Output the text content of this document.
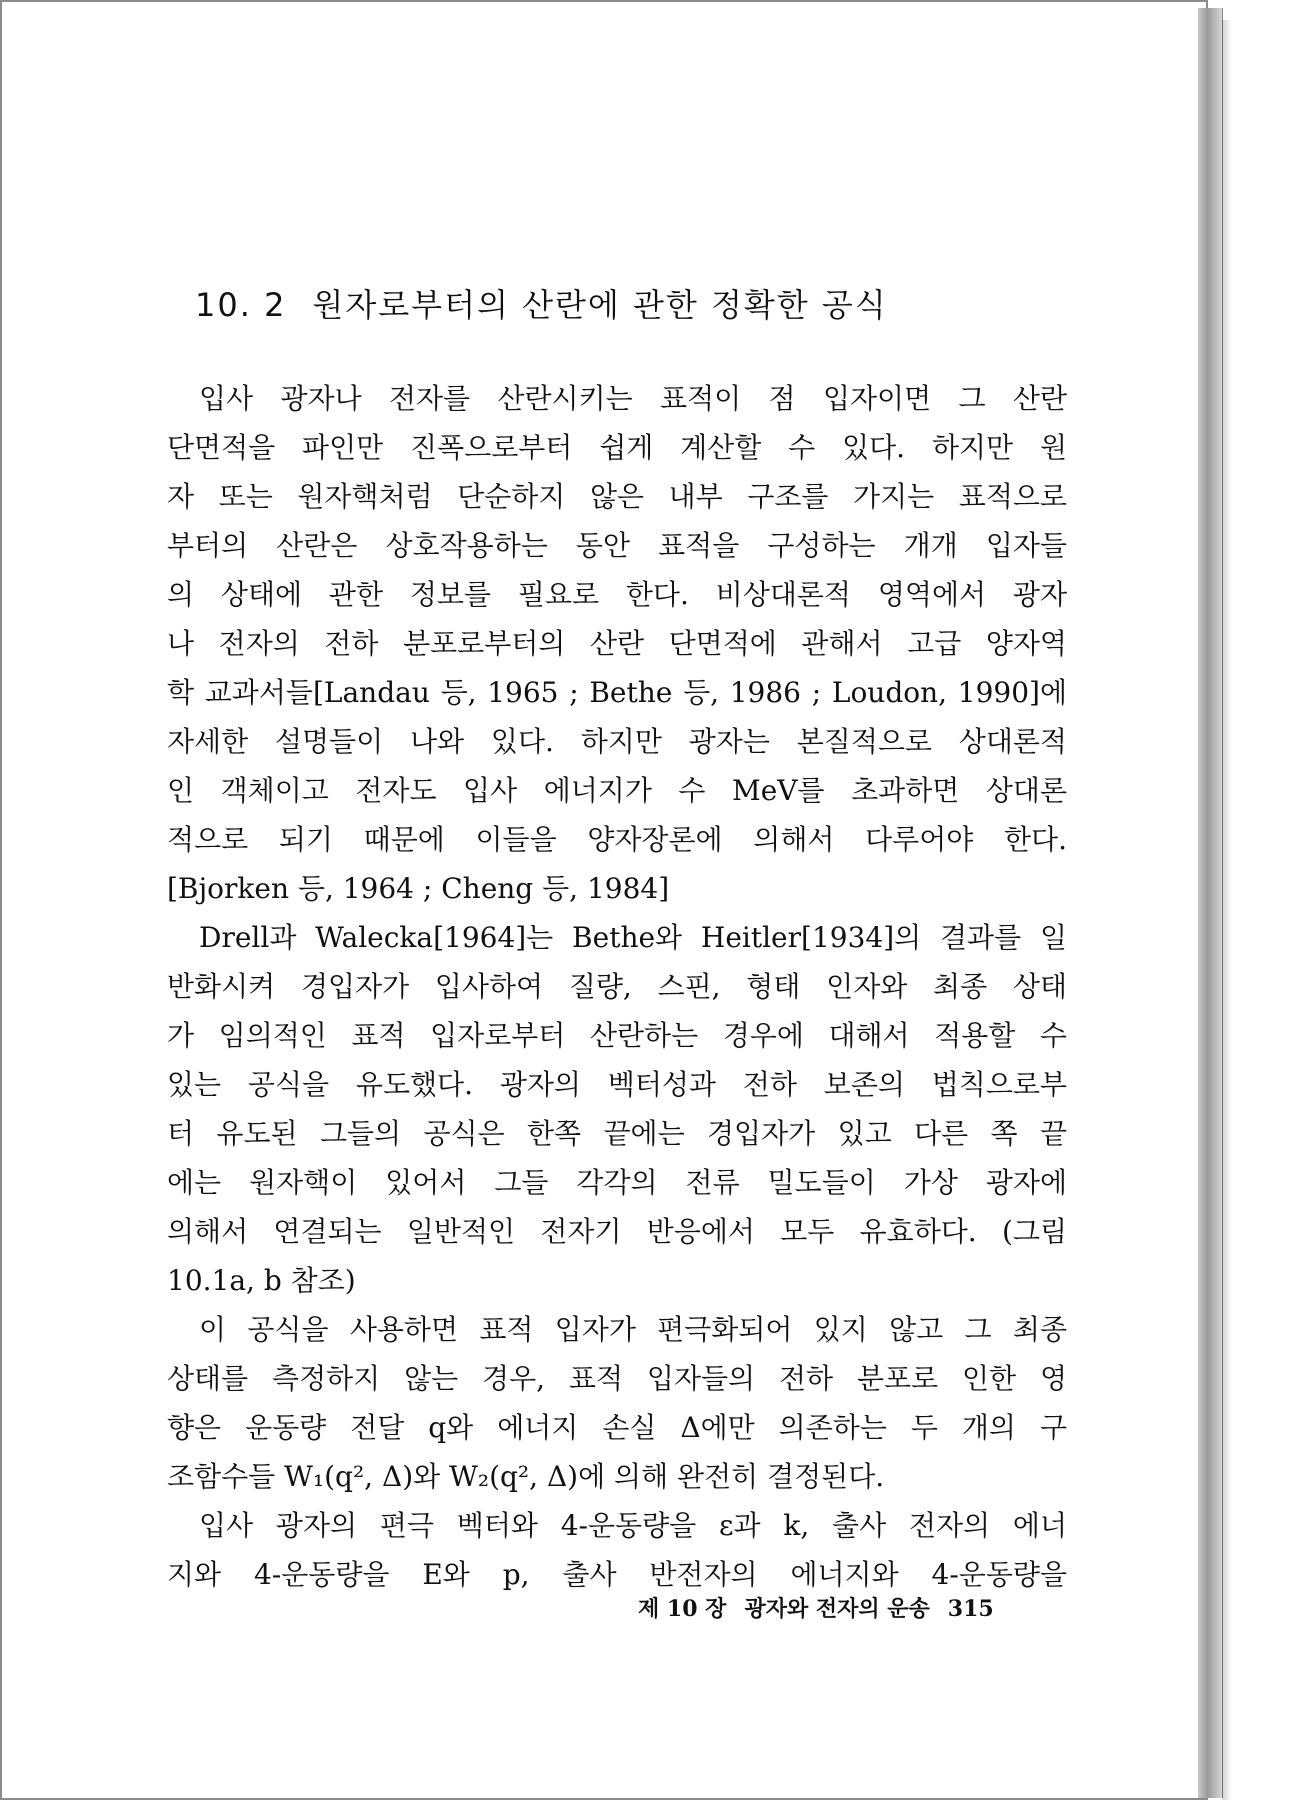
10. 2 원자로부터의 산란에 관한 정확한 공식
입사 광자나 전자를 산란시키는 표적이 점 입자이면 그 산란
단면적을 파인만 진폭으로부터 쉽게 계산할 수 있다. 하지만 원
자 또는 원자핵처럼 단순하지 않은 내부 구조를 가지는 표적으로
부터의 산란은 상호작용하는 동안 표적을 구성하는 개개 입자들
의 상태에 관한 정보를 필요로 한다. 비상대론적 영역에서 광자
나 전자의 전하 분포로부터의 산란 단면적에 관해서 고급 양자역
학 교과서들[Landau 등, 1965 ; Bethe 등, 1986 ; Loudon, 1990]에
자세한 설명들이 나와 있다. 하지만 광자는 본질적으로 상대론적
인 객체이고 전자도 입사 에너지가 수 MeV를 초과하면 상대론
적으로 되기 때문에 이들을 양자장론에 의해서 다루어야 한다.
[Bjorken 등, 1964 ; Cheng 등, 1984]
Drell과 Walecka[1964]는 Bethe와 Heitler[1934]의 결과를 일
반화시켜 경입자가 입사하여 질량, 스핀, 형태 인자와 최종 상태
가 임의적인 표적 입자로부터 산란하는 경우에 대해서 적용할 수
있는 공식을 유도했다. 광자의 벡터성과 전하 보존의 법칙으로부
터 유도된 그들의 공식은 한쪽 끝에는 경입자가 있고 다른 쪽 끝
에는 원자핵이 있어서 그들 각각의 전류 밀도들이 가상 광자에
의해서 연결되는 일반적인 전자기 반응에서 모두 유효하다. (그림
10.1a, b 참조)
이 공식을 사용하면 표적 입자가 편극화되어 있지 않고 그 최종
상태를 측정하지 않는 경우, 표적 입자들의 전하 분포로 인한 영
향은 운동량 전달 q와 에너지 손실 Δ에만 의존하는 두 개의 구
조함수들 W₁(q², Δ)와 W₂(q², Δ)에 의해 완전히 결정된다.
입사 광자의 편극 벡터와 4-운동량을 ε과 k, 출사 전자의 에너
지와 4-운동량을 E와 p, 출사 반전자의 에너지와 4-운동량을
제 10 장 광자와 전자의 운송 315
